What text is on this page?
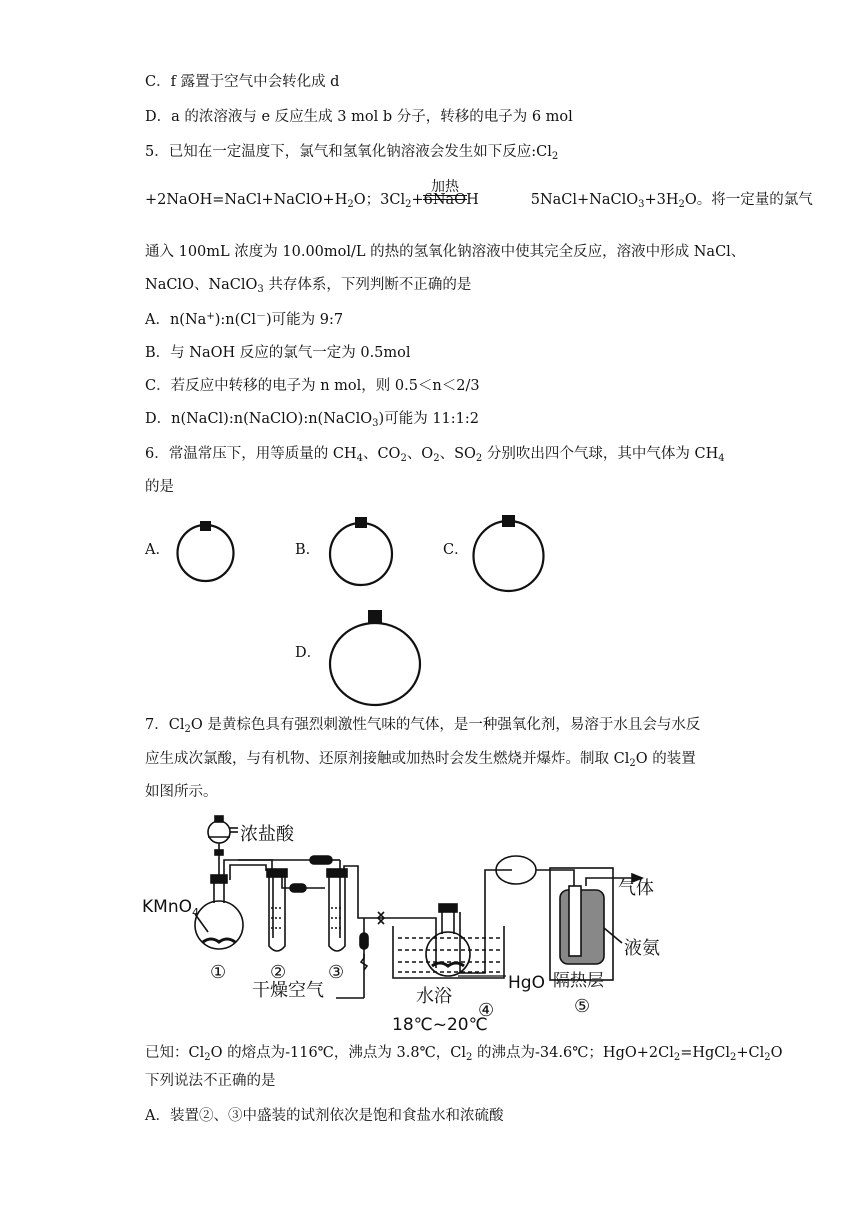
C．f 露置于空气中会转化成 d
D．a 的浓溶液与 e 反应生成 3 mol b 分子，转移的电子为 6 mol
5．已知在一定温度下，氯气和氢氧化钠溶液会发生如下反应$:Cl_2$
加热
$+2NaOH=NaCl+NaClO+H_2O$；$3Cl_2+6NaOH$	$5NaCl+NaClO_3+3H_2O$。将一定量的氯气
通入 100mL 浓度为 10.00mol/L 的热的氢氧化钠溶液中使其完全反应，溶液中形成 NaCl、
NaClO、NaClO$_3$ 共存体系，下列判断不正确的是
A．n(Na+):n(Cl－)可能为 9:7
B．与 NaOH 反应的氯气一定为 0.5mol
C．若反应中转移的电子为 n mol，则 0.5＜n＜2/3
D．n(NaCl):n(NaClO):n(NaClO$_3$)可能为 11:1:2
6．常温常压下，用等质量的 $CH_4$、$CO_2$、$O_2$、$SO_2$ 分别吹出四个气球，其中气体为 $CH_4$
的是
A．	B．	C．
D．
7．$Cl_2O$ 是黄棕色具有强烈刺激性气味的气体，是一种强氧化剂，易溶于水且会与水反
应生成次氯酸，与有机物、还原剂接触或加热时会发生燃烧并爆炸。制取 $Cl_2O$ 的装置
如图所示。
浓盐酸
KMnO$_4$
干燥空气	水浴
18℃~20℃
HgO
气体
液氨
隔热层
① ② ③
④	⑤
已知：$Cl_2O$ 的熔点为-116℃，沸点为 3.8℃，$Cl_2$ 的沸点为-34.6℃；$HgO+2Cl_2=HgCl_2+Cl_2O$
下列说法不正确的是
A．装置②、③中盛装的试剂依次是饱和食盐水和浓硫酸
